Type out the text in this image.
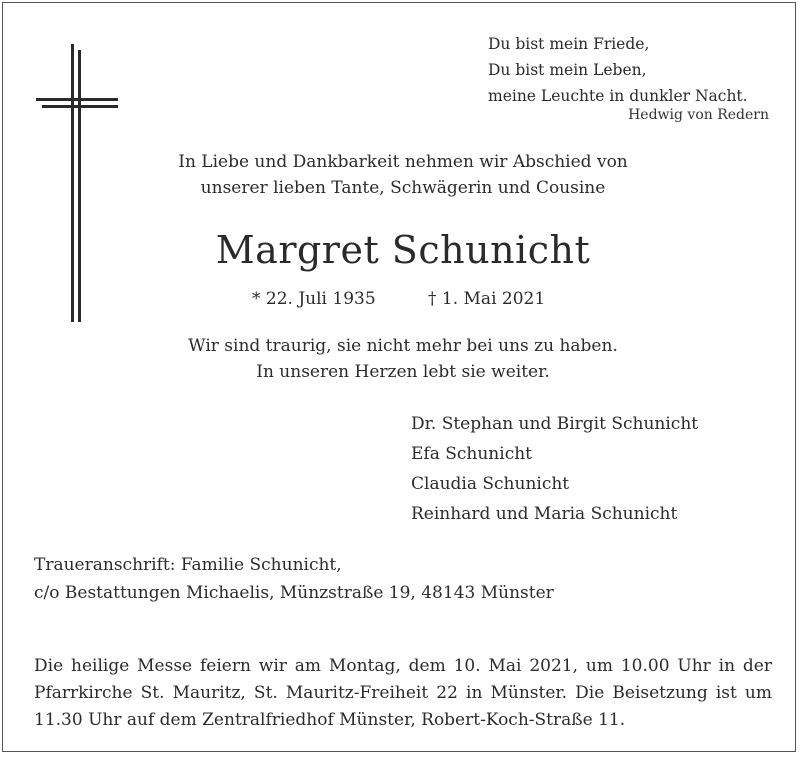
Du bist mein Friede,
Du bist mein Leben,
meine Leuchte in dunkler Nacht.
Hedwig von Redern
In Liebe und Dankbarkeit nehmen wir Abschied von
unserer lieben Tante, Schwägerin und Cousine
Margret Schunicht
* 22. Juli 1935	† 1. Mai 2021
Wir sind traurig, sie nicht mehr bei uns zu haben.
In unseren Herzen lebt sie weiter.
Dr. Stephan und Birgit Schunicht
Efa Schunicht
Claudia Schunicht
Reinhard und Maria Schunicht
Traueranschrift: Familie Schunicht,
c/o Bestattungen Michaelis, Münzstraße 19, 48143 Münster
Die heilige Messe feiern wir am Montag, dem 10. Mai 2021, um 10.00 Uhr in der
Pfarrkirche St. Mauritz, St. Mauritz-Freiheit 22 in Münster. Die Beisetzung ist um
11.30 Uhr auf dem Zentralfriedhof Münster, Robert-Koch-Straße 11.
